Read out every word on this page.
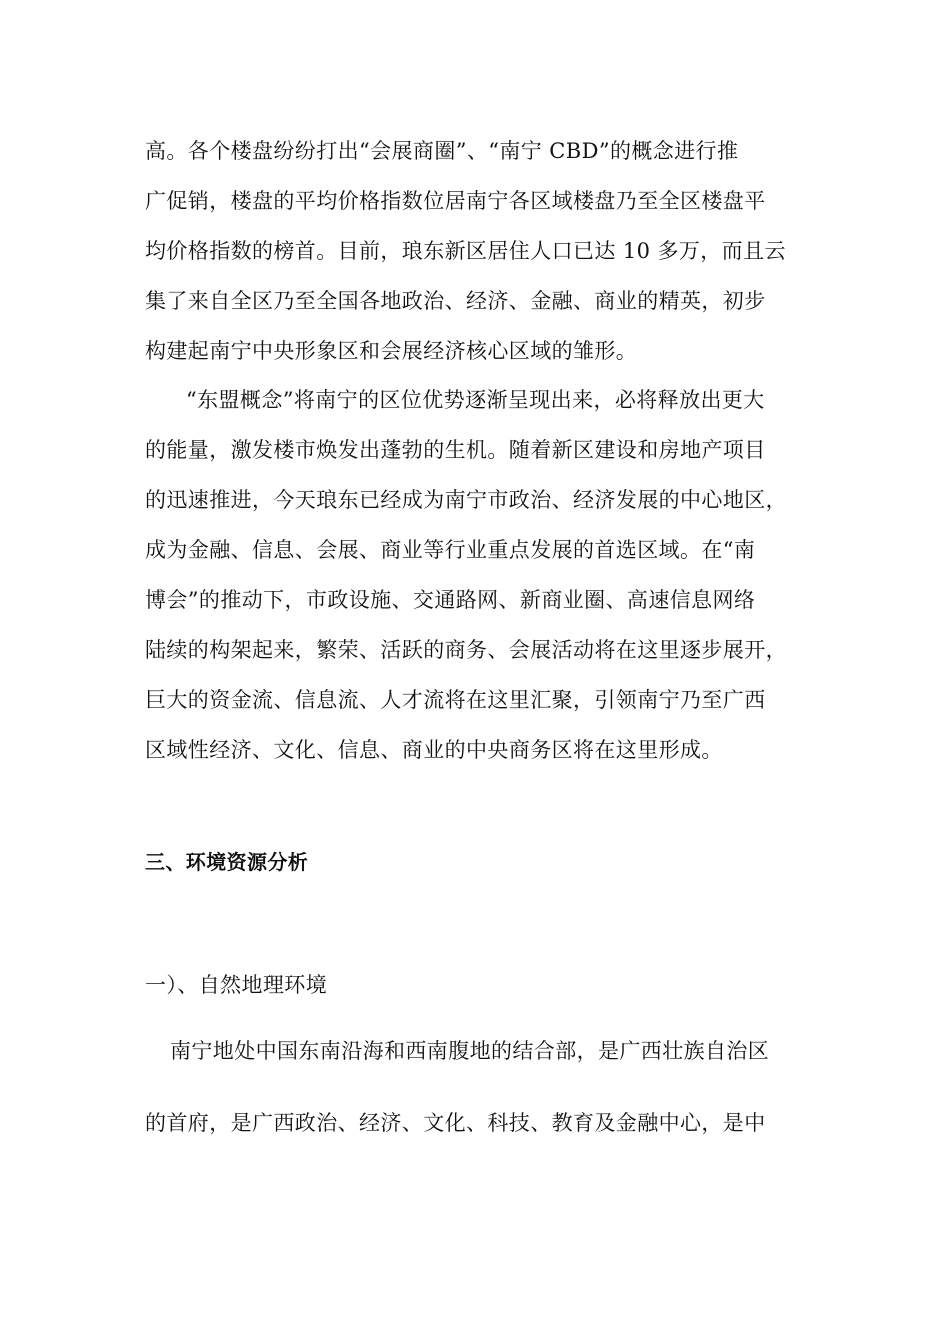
高。各个楼盘纷纷打出“会展商圈”、“南宁 CBD”的概念进行推
广促销，楼盘的平均价格指数位居南宁各区域楼盘乃至全区楼盘平
均价格指数的榜首。目前，琅东新区居住人口已达 10 多万，而且云
集了来自全区乃至全国各地政治、经济、金融、商业的精英，初步
构建起南宁中央形象区和会展经济核心区域的雏形。
“东盟概念”将南宁的区位优势逐渐呈现出来，必将释放出更大
的能量，激发楼市焕发出蓬勃的生机。随着新区建设和房地产项目
的迅速推进，今天琅东已经成为南宁市政治、经济发展的中心地区，
成为金融、信息、会展、商业等行业重点发展的首选区域。在“南
博会”的推动下，市政设施、交通路网、新商业圈、高速信息网络
陆续的构架起来，繁荣、活跃的商务、会展活动将在这里逐步展开，
巨大的资金流、信息流、人才流将在这里汇聚，引领南宁乃至广西
区域性经济、文化、信息、商业的中央商务区将在这里形成。
三、环境资源分析
一）、自然地理环境
南宁地处中国东南沿海和西南腹地的结合部，是广西壮族自治区
的首府，是广西政治、经济、文化、科技、教育及金融中心，是中
